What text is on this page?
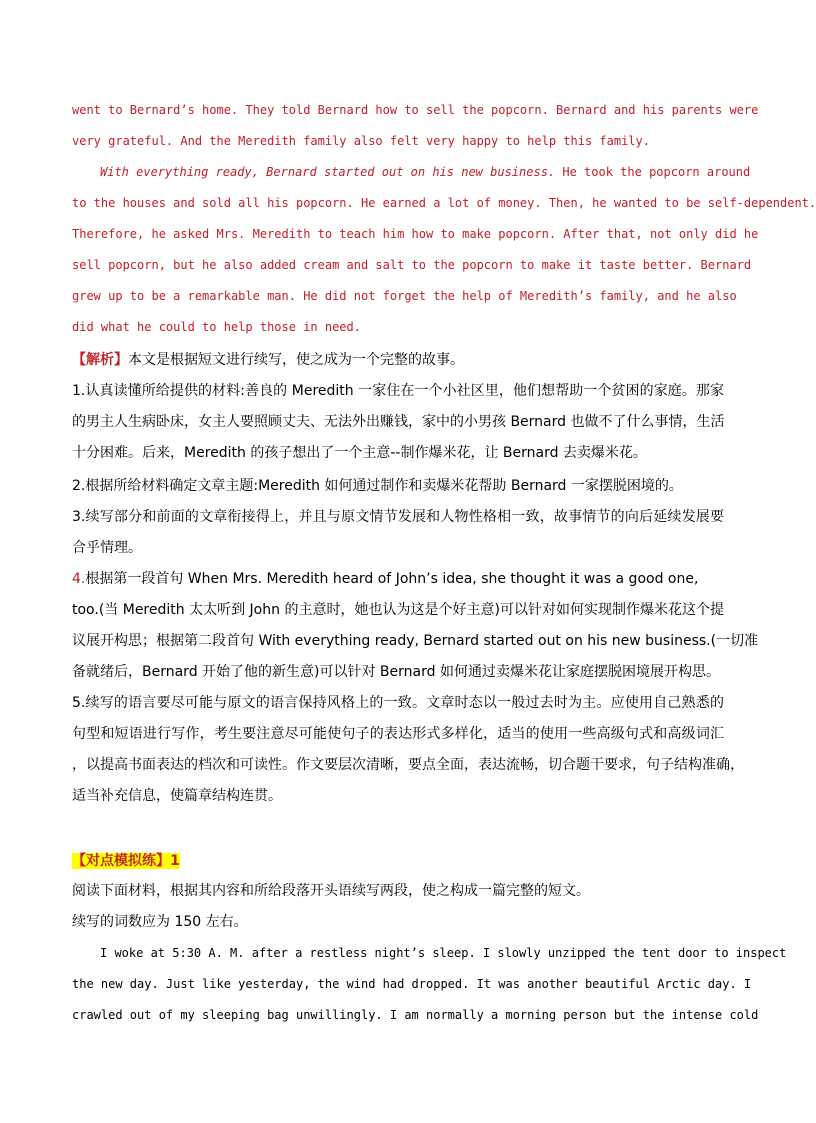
went to Bernard’s home. They told Bernard how to sell the popcorn. Bernard and his parents were
very grateful. And the Meredith family also felt very happy to help this family.
With everything ready, Bernard started out on his new business. He took the popcorn around
to the houses and sold all his popcorn. He earned a lot of money. Then, he wanted to be self-dependent.
Therefore, he asked Mrs. Meredith to teach him how to make popcorn. After that, not only did he
sell popcorn, but he also added cream and salt to the popcorn to make it taste better. Bernard
grew up to be a remarkable man. He did not forget the help of Meredith’s family, and he also
did what he could to help those in need.
【解析】本文是根据短文进行续写，使之成为一个完整的故事。
1.认真读懂所给提供的材料:善良的 Meredith 一家住在一个小社区里，他们想帮助一个贫困的家庭。那家
的男主人生病卧床，女主人要照顾丈夫、无法外出赚钱，家中的小男孩 Bernard 也做不了什么事情，生活
十分困难。后来，Meredith 的孩子想出了一个主意--制作爆米花，让 Bernard 去卖爆米花。
2.根据所给材料确定文章主题:Meredith 如何通过制作和卖爆米花帮助 Bernard 一家摆脱困境的。
3.续写部分和前面的文章衔接得上，并且与原文情节发展和人物性格相一致，故事情节的向后延续发展要
合乎情理。
4.根据第一段首句 When Mrs. Meredith heard of John’s idea, she thought it was a good one,
too.(当 Meredith 太太听到 John 的主意时，她也认为这是个好主意)可以针对如何实现制作爆米花这个提
议展开构思；根据第二段首句 With everything ready, Bernard started out on his new business.(一切准
备就绪后，Bernard 开始了他的新生意)可以针对 Bernard 如何通过卖爆米花让家庭摆脱困境展开构思。
5.续写的语言要尽可能与原文的语言保持风格上的一致。文章时态以一般过去时为主。应使用自己熟悉的
句型和短语进行写作，考生要注意尽可能使句子的表达形式多样化，适当的使用一些高级句式和高级词汇
，以提高书面表达的档次和可读性。作文要层次清晰，要点全面，表达流畅，切合题干要求，句子结构准确，
适当补充信息，使篇章结构连贯。
【对点模拟练】1
阅读下面材料，根据其内容和所给段落开头语续写两段，使之构成一篇完整的短文。
续写的词数应为 150 左右。
I woke at 5:30 A. M. after a restless night’s sleep. I slowly unzipped the tent door to inspect
the new day. Just like yesterday, the wind had dropped. It was another beautiful Arctic day. I
crawled out of my sleeping bag unwillingly. I am normally a morning person but the intense cold
